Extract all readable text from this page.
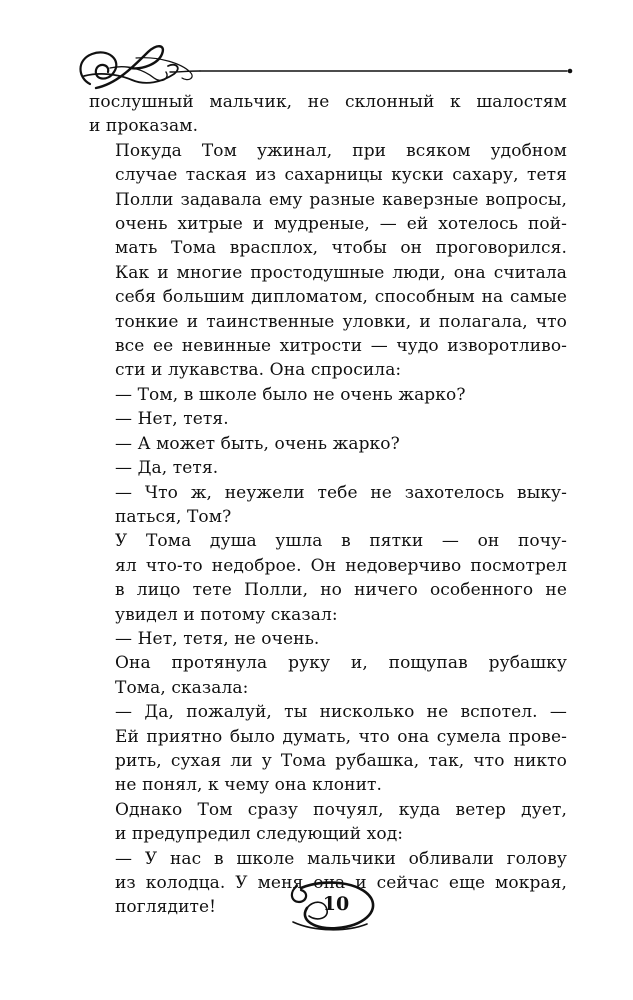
послушный мальчик, не склонный к шалостям
и проказам.

Покуда Том ужинал, при всяком удобном
случае таская из сахарницы куски сахару, тетя
Полли задавала ему разные каверзные вопросы,
очень хитрые и мудреные, — ей хотелось пой-
мать Тома врасплох, чтобы он проговорился.
Как и многие простодушные люди, она считала
себя большим дипломатом, способным на самые
тонкие и таинственные уловки, и полагала, что
все ее невинные хитрости — чудо изворотливо-
сти и лукавства. Она спросила:

— Том, в школе было не очень жарко?

— Нет, тетя.

— А может быть, очень жарко?

— Да, тетя.

— Что ж, неужели тебе не захотелось выку-
паться, Том?

У Тома душа ушла в пятки — он почу-
ял что-то недоброе. Он недоверчиво посмотрел
в лицо тете Полли, но ничего особенного не
увидел и потому сказал:

— Нет, тетя, не очень.

Она протянула руку и, пощупав рубашку
Тома, сказала:

— Да, пожалуй, ты нисколько не вспотел. —
Ей приятно было думать, что она сумела прове-
рить, сухая ли у Тома рубашка, так, что никто
не понял, к чему она клонит.

Однако Том сразу почуял, куда ветер дует,
и предупредил следующий ход:

— У нас в школе мальчики обливали голову
из колодца. У меня она и сейчас еще мокрая,
поглядите!	10
